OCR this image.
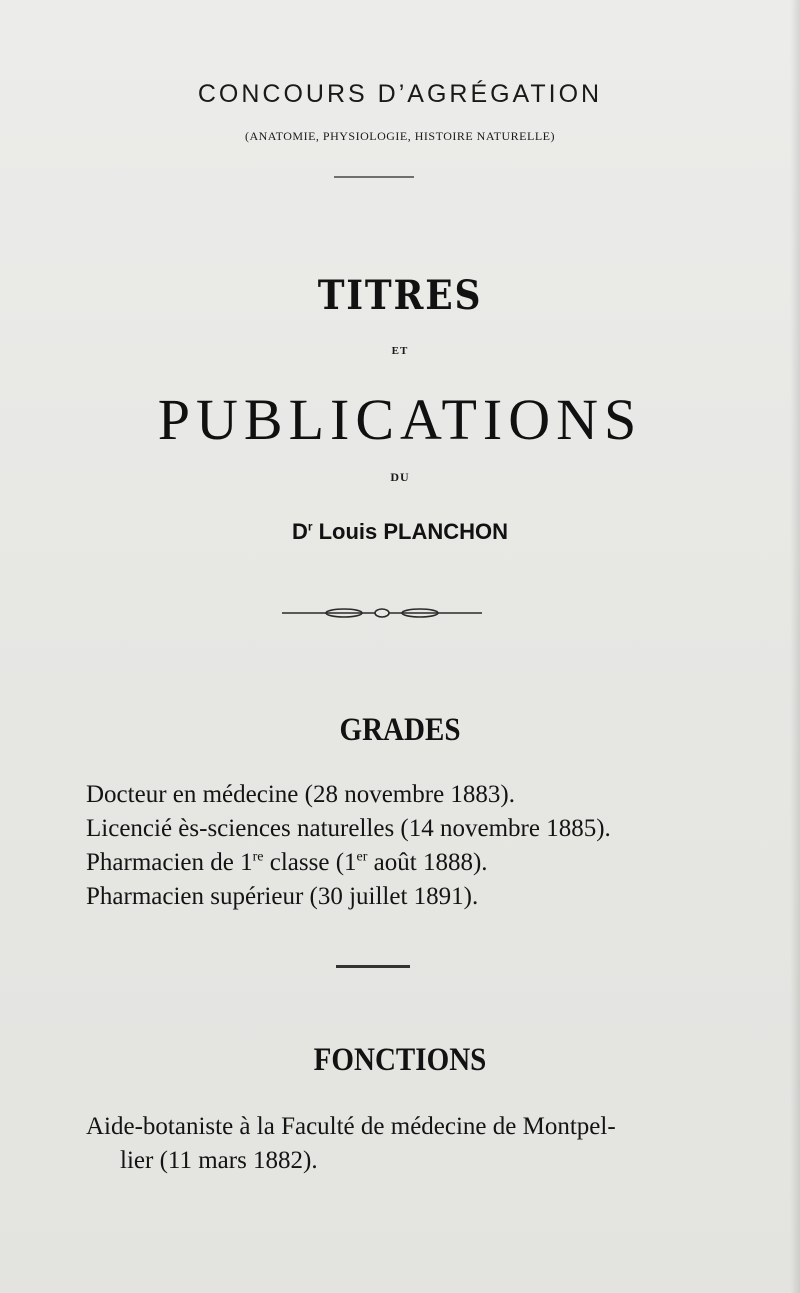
CONCOURS D’AGRÉGATION
(ANATOMIE, PHYSIOLOGIE, HISTOIRE NATURELLE)
TITRES
ET
PUBLICATIONS
DU
$D^r$ Louis PLANCHON
GRADES
Docteur en médecine (28 novembre 1883).
Licencié ès-sciences naturelles (14 novembre 1885).
Pharmacien de 1re classe (1er août 1888).
Pharmacien supérieur (30 juillet 1891).
FONCTIONS
Aide-botaniste à la Faculté de médecine de Montpel-
lier (11 mars 1882).
